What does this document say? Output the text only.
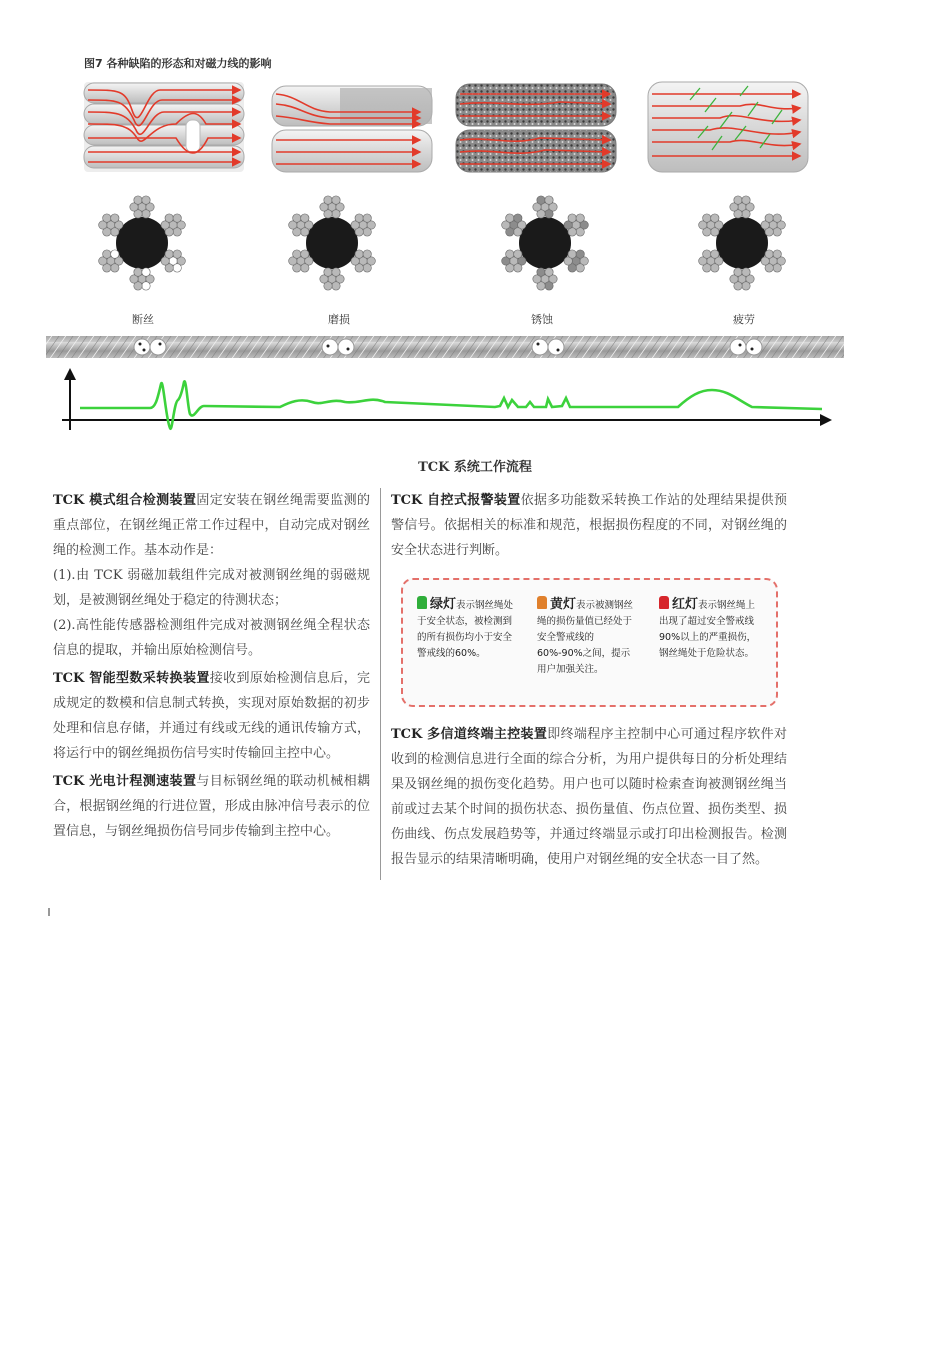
图7 各种缺陷的形态和对磁力线的影响
断丝	磨损	锈蚀	疲劳
TCK 系统工作流程

TCK 模式组合检测装置固定安装在钢丝绳需要监测的重点部位，在钢丝绳正常工作过程中，自动完成对钢丝绳的检测工作。基本动作是：

(1).由 TCK 弱磁加载组件完成对被测钢丝绳的弱磁规划，是被测钢丝绳处于稳定的待测状态；

(2).高性能传感器检测组件完成对被测钢丝绳全程状态信息的提取，并输出原始检测信号。

TCK 智能型数采转换装置接收到原始检测信息后，完成规定的数模和信息制式转换，实现对原始数据的初步处理和信息存储，并通过有线或无线的通讯传输方式，将运行中的钢丝绳损伤信号实时传输回主控中心。

TCK 光电计程测速装置与目标钢丝绳的联动机械相耦合，根据钢丝绳的行进位置，形成由脉冲信号表示的位置信息，与钢丝绳损伤信号同步传输到主控中心。

TCK 自控式报警装置依据多功能数采转换工作站的处理结果提供预警信号。依据相关的标准和规范，根据损伤程度的不同，对钢丝绳的安全状态进行判断。

绿灯表示钢丝绳处于安全状态，被检测到的所有损伤均小于安全警戒线的60%。
黄灯表示被测钢丝绳的损伤量值已经处于安全警戒线的60%-90%之间，提示用户加强关注。
红灯表示钢丝绳上出现了超过安全警戒线90%以上的严重损伤，钢丝绳处于危险状态。

TCK 多信道终端主控装置即终端程序主控制中心可通过程序软件对收到的检测信息进行全面的综合分析，为用户提供每日的分析处理结果及钢丝绳的损伤变化趋势。用户也可以随时检索查询被测钢丝绳当前或过去某个时间的损伤状态、损伤量值、伤点位置、损伤类型、损伤曲线、伤点发展趋势等，并通过终端显示或打印出检测报告。检测报告显示的结果清晰明确，使用户对钢丝绳的安全状态一目了然。
